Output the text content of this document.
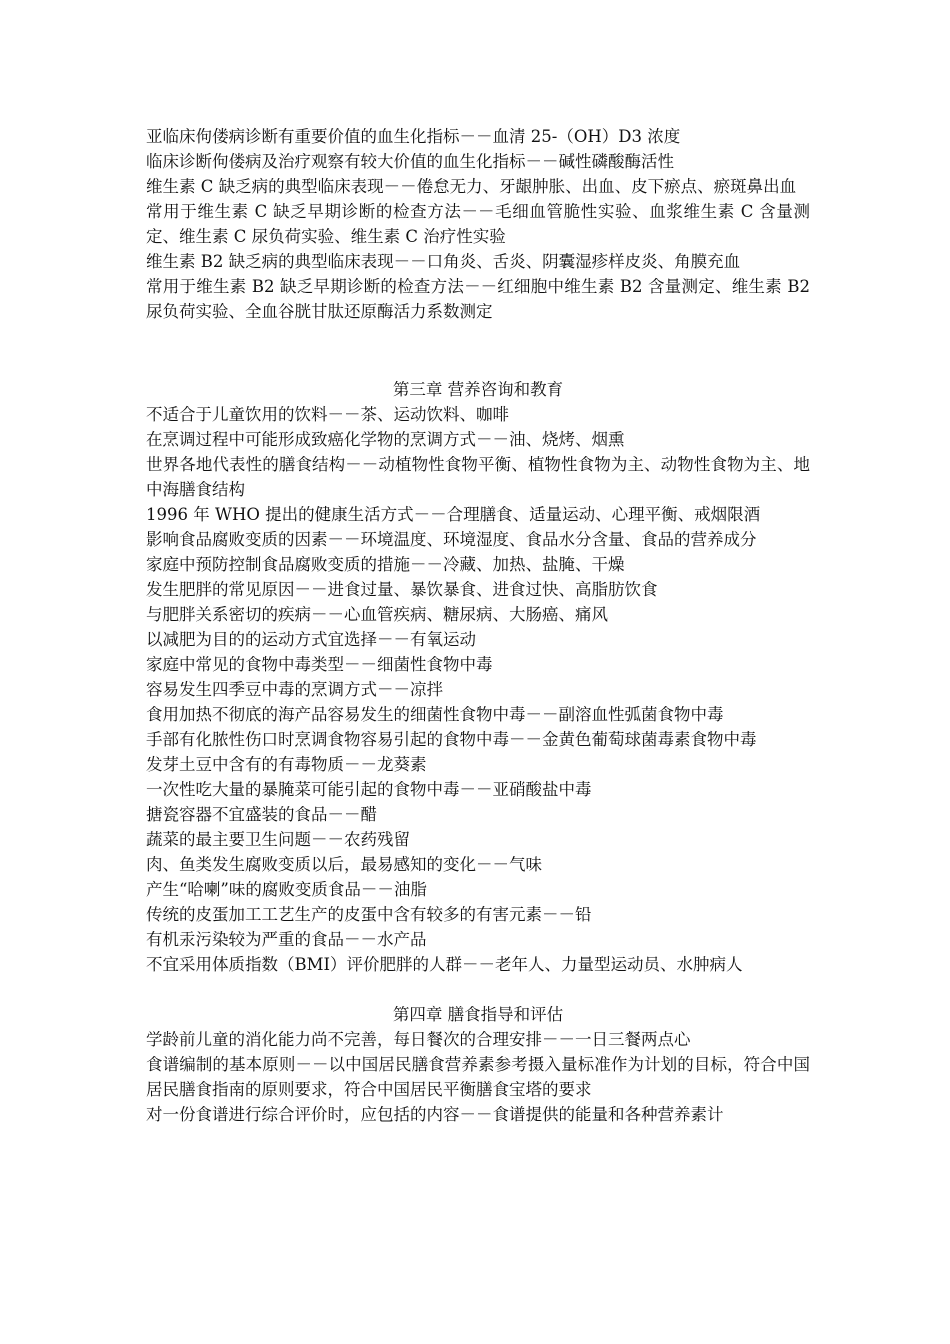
亚临床佝偻病诊断有重要价值的血生化指标－－血清 25-（OH）D3 浓度
临床诊断佝偻病及治疗观察有较大价值的血生化指标－－碱性磷酸酶活性
维生素 C 缺乏病的典型临床表现－－倦怠无力、牙龈肿胀、出血、皮下瘀点、瘀斑鼻出血
常用于维生素 C 缺乏早期诊断的检查方法－－毛细血管脆性实验、血浆维生素 C 含量测定、维生素 C 尿负荷实验、维生素 C 治疗性实验
维生素 B2 缺乏病的典型临床表现－－口角炎、舌炎、阴囊湿疹样皮炎、角膜充血
常用于维生素 B2 缺乏早期诊断的检查方法－－红细胞中维生素 B2 含量测定、维生素 B2 尿负荷实验、全血谷胱甘肽还原酶活力系数测定
第三章 营养咨询和教育
不适合于儿童饮用的饮料－－茶、运动饮料、咖啡
在烹调过程中可能形成致癌化学物的烹调方式－－油、烧烤、烟熏
世界各地代表性的膳食结构－－动植物性食物平衡、植物性食物为主、动物性食物为主、地中海膳食结构
1996 年 WHO 提出的健康生活方式－－合理膳食、适量运动、心理平衡、戒烟限酒
影响食品腐败变质的因素－－环境温度、环境湿度、食品水分含量、食品的营养成分
家庭中预防控制食品腐败变质的措施－－冷藏、加热、盐腌、干燥
发生肥胖的常见原因－－进食过量、暴饮暴食、进食过快、高脂肪饮食
与肥胖关系密切的疾病－－心血管疾病、糖尿病、大肠癌、痛风
以减肥为目的的运动方式宜选择－－有氧运动
家庭中常见的食物中毒类型－－细菌性食物中毒
容易发生四季豆中毒的烹调方式－－凉拌
食用加热不彻底的海产品容易发生的细菌性食物中毒－－副溶血性弧菌食物中毒
手部有化脓性伤口时烹调食物容易引起的食物中毒－－金黄色葡萄球菌毒素食物中毒
发芽土豆中含有的有毒物质－－龙葵素
一次性吃大量的暴腌菜可能引起的食物中毒－－亚硝酸盐中毒
搪瓷容器不宜盛装的食品－－醋
蔬菜的最主要卫生问题－－农药残留
肉、鱼类发生腐败变质以后，最易感知的变化－－气味
产生“哈喇”味的腐败变质食品－－油脂
传统的皮蛋加工工艺生产的皮蛋中含有较多的有害元素－－铅
有机汞污染较为严重的食品－－水产品
不宜采用体质指数（BMI）评价肥胖的人群－－老年人、力量型运动员、水肿病人
第四章 膳食指导和评估
学龄前儿童的消化能力尚不完善，每日餐次的合理安排－－一日三餐两点心
食谱编制的基本原则－－以中国居民膳食营养素参考摄入量标准作为计划的目标，符合中国居民膳食指南的原则要求，符合中国居民平衡膳食宝塔的要求
对一份食谱进行综合评价时，应包括的内容－－食谱提供的能量和各种营养素计
